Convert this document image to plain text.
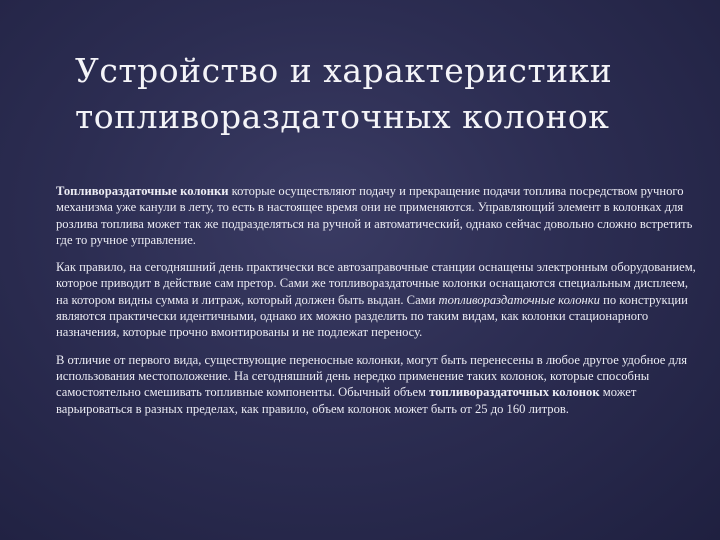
Устройство и характеристики
топливораздаточных колонок

Топливораздаточные колонки которые осуществляют подачу и прекращение подачи топлива посредством ручного механизма уже канули в лету, то есть в настоящее время они не применяются. Управляющий элемент в колонках для розлива топлива может так же подразделяться на ручной и автоматический, однако сейчас довольно сложно встретить где то ручное управление.

Как правило, на сегодняшний день практически все автозаправочные станции оснащены электронным оборудованием, которое приводит в действие сам претор. Сами же топливораздаточные колонки оснащаются специальным дисплеем, на котором видны сумма и литраж, который должен быть выдан. Сами топливораздаточные колонки по конструкции являются практически идентичными, однако их можно разделить по таким видам, как колонки стационарного назначения, которые прочно вмонтированы и не подлежат переносу.

В отличие от первого вида, существующие переносные колонки, могут быть перенесены в любое другое удобное для использования местоположение. На сегодняшний день нередко применение таких колонок, которые способны самостоятельно смешивать топливные компоненты. Обычный объем топливораздаточных колонок может варьироваться в разных пределах, как правило, объем колонок может быть от 25 до 160 литров.
